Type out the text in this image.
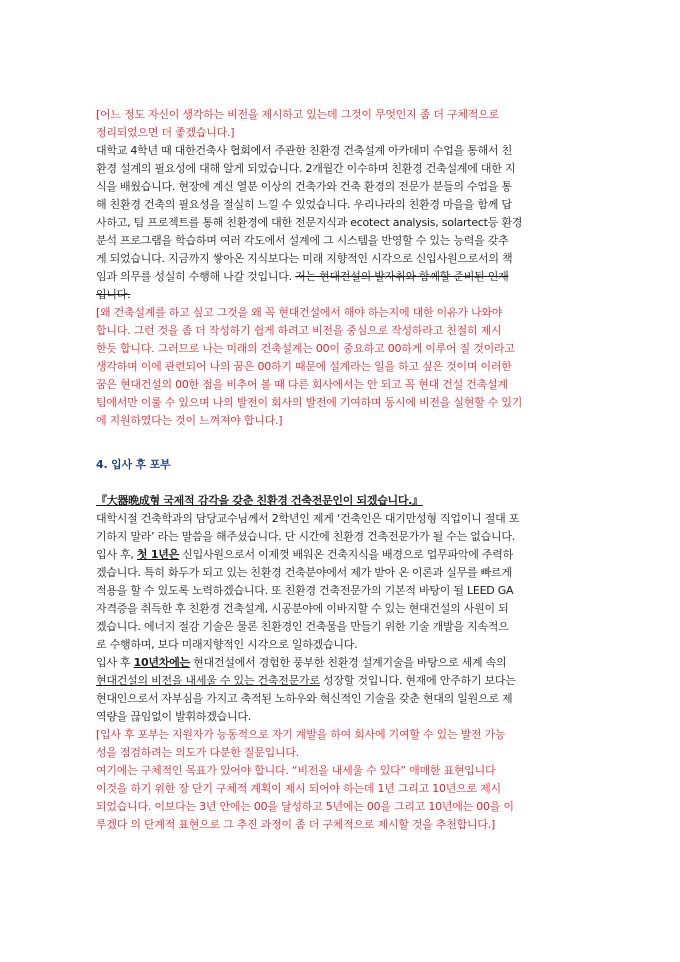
[어느 정도 자신이 생각하는 비전을 제시하고 있는데 그것이 무엇인지 좀 더 구체적으로
정리되었으면 더 좋겠습니다.]
대학교 4학년 때 대한건축사 협회에서 주관한 친환경 건축설계 아카데미 수업을 통해서 친
환경 설계의 필요성에 대해 알게 되었습니다. 2개월간 이수하며 친환경 건축설계에 대한 지
식을 배웠습니다. 현장에 계신 열분 이상의 건축가와 건축 환경의 전문가 분들의 수업을 통
해 친환경 건축의 필요성을 절실히 느낄 수 있었습니다. 우리나라의 친환경 마을을 함께 답
사하고, 팀 프로젝트를 통해 친환경에 대한 전문지식과 ecotect analysis, solartect등 환경
분석 프로그램을 학습하며 여러 각도에서 설계에 그 시스템을 반영할 수 있는 능력을 갖추
게 되었습니다. 지금까지 쌓아온 지식보다는 미래 지향적인 시각으로 신입사원으로서의 책
임과 의무를 성실히 수행해 나갈 것입니다. 저는 현대건설의 발자취와 함께할 준비된 인재
입니다.
[왜 건축설계를 하고 싶고 그것을 왜 꼭 현대건설에서 해야 하는지에 대한 이유가 나와야
합니다. 그런 것을 좀 더 작성하기 쉽게 하려고 비전을 중심으로 작성하라고 친절히 제시
한듯 합니다. 그러므로 나는 미래의 건축설계는 00이 중요하고 00하게 이루어 질 것이라고
생각하며 이에 관련되어 나의 꿈은 00하기 때문에 설계라는 일을 하고 싶은 것이며 이러한
꿈은 현대건설의 00한 점을 비추어 볼 때 다른 회사에서는 안 되고 꼭 현대 건설 건축설계
팀에서만 이룰 수 있으며 나의 발전이 회사의 발전에 기여하며 동시에 비전을 실현할 수 있기
에 지원하였다는 것이 느껴져야 합니다.]
4. 입사 후 포부
『大器晩成형 국제적 감각을 갖춘 친환경 건축전문인이 되겠습니다.』
대학시절 건축학과의 담당교수님께서 2학년인 제게 ‘건축인은 대기만성형 직업이니 절대 포
기하지 말라’ 라는 말씀을 해주셨습니다. 단 시간에 친환경 건축전문가가 될 수는 없습니다.
입사 후, 첫 1년은 신입사원으로서 이제껏 배워온 건축지식을 배경으로 업무파악에 주력하
겠습니다. 특히 화두가 되고 있는 친환경 건축분야에서 제가 받아 온 이론과 실무를 빠르게
적용을 할 수 있도록 노력하겠습니다. 또 친환경 건축전문가의 기본적 바탕이 될 LEED GA
자격증을 취득한 후 친환경 건축설계, 시공분야에 이바지할 수 있는 현대건설의 사원이 되
겠습니다. 에너지 절감 기술은 물론 친환경인 건축물을 만들기 위한 기술 개발을 지속적으
로 수행하며, 보다 미래지향적인 시각으로 일하겠습니다.
입사 후 10년차에는 현대건설에서 경험한 풍부한 친환경 설계기술을 바탕으로 세계 속의
현대건설의 비전을 내세울 수 있는 건축전문가로 성장할 것입니다. 현재에 안주하기 보다는
현대인으로서 자부심을 가지고 축적된 노하우와 혁신적인 기술을 갖춘 현대의 일원으로 제
역량을 끊임없이 발휘하겠습니다.
[입사 후 포부는 지원자가 능동적으로 자기 계발을 하여 회사에 기여할 수 있는 발전 가능
성을 점검하려는 의도가 다분한 질문입니다.
여기에는 구체적인 목표가 있어야 합니다. “비전을 내세울 수 있다” 애매한 표현입니다
이것을 하기 위한 장 단기 구체적 계획이 제시 되어야 하는데 1년 그리고 10년으로 제시
되었습니다. 이보다는 3년 안에는 00을 달성하고 5년에는 00을 그리고 10년에는 00을 이
루겠다 의 단계적 표현으로 그 추진 과정이 좀 더 구체적으로 제시할 것을 추천합니다.]
